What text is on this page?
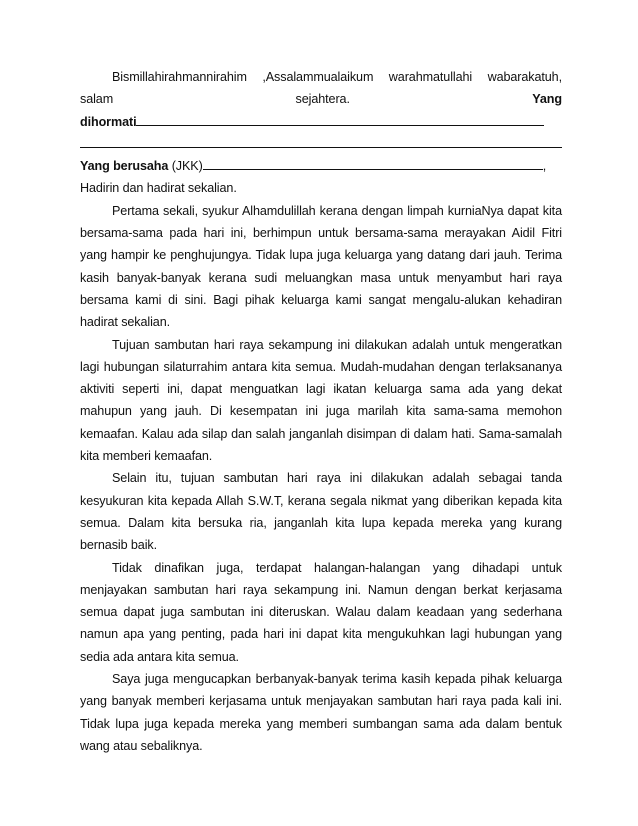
Bismillahirahmannirahim ,Assalammualaikum warahmatullahi wabarakatuh, salam sejahtera.	Yang

dihormati

Yang berusaha (JKK)	,

Hadirin dan hadirat sekalian.

Pertama sekali, syukur Alhamdulillah kerana dengan limpah kurniaNya dapat kita bersama-sama pada hari ini, berhimpun untuk bersama-sama merayakan Aidil Fitri yang hampir ke penghujungya. Tidak lupa juga keluarga yang datang dari jauh. Terima kasih banyak-banyak kerana sudi meluangkan masa untuk menyambut hari raya bersama kami di sini. Bagi pihak keluarga kami sangat mengalu-alukan kehadiran hadirat sekalian.

Tujuan sambutan hari raya sekampung ini dilakukan adalah untuk mengeratkan lagi hubungan silaturrahim antara kita semua. Mudah-mudahan dengan terlaksananya aktiviti seperti ini, dapat menguatkan lagi ikatan keluarga sama ada yang dekat mahupun yang jauh. Di kesempatan ini juga marilah kita sama-sama memohon kemaafan. Kalau ada silap dan salah janganlah disimpan di dalam hati. Sama-samalah kita memberi kemaafan.

Selain itu, tujuan sambutan hari raya ini dilakukan adalah sebagai tanda kesyukuran kita kepada Allah S.W.T, kerana segala nikmat yang diberikan kepada kita semua. Dalam kita bersuka ria, janganlah kita lupa kepada mereka yang kurang bernasib baik.

Tidak dinafikan juga, terdapat halangan-halangan yang dihadapi untuk menjayakan sambutan hari raya sekampung ini. Namun dengan berkat kerjasama semua dapat juga sambutan ini diteruskan. Walau dalam keadaan yang sederhana namun apa yang penting, pada hari ini dapat kita mengukuhkan lagi hubungan yang sedia ada antara kita semua.

Saya juga mengucapkan berbanyak-banyak terima kasih kepada pihak keluarga yang banyak memberi kerjasama untuk menjayakan sambutan hari raya pada kali ini. Tidak lupa juga kepada mereka yang memberi sumbangan sama ada dalam bentuk wang atau sebaliknya.
